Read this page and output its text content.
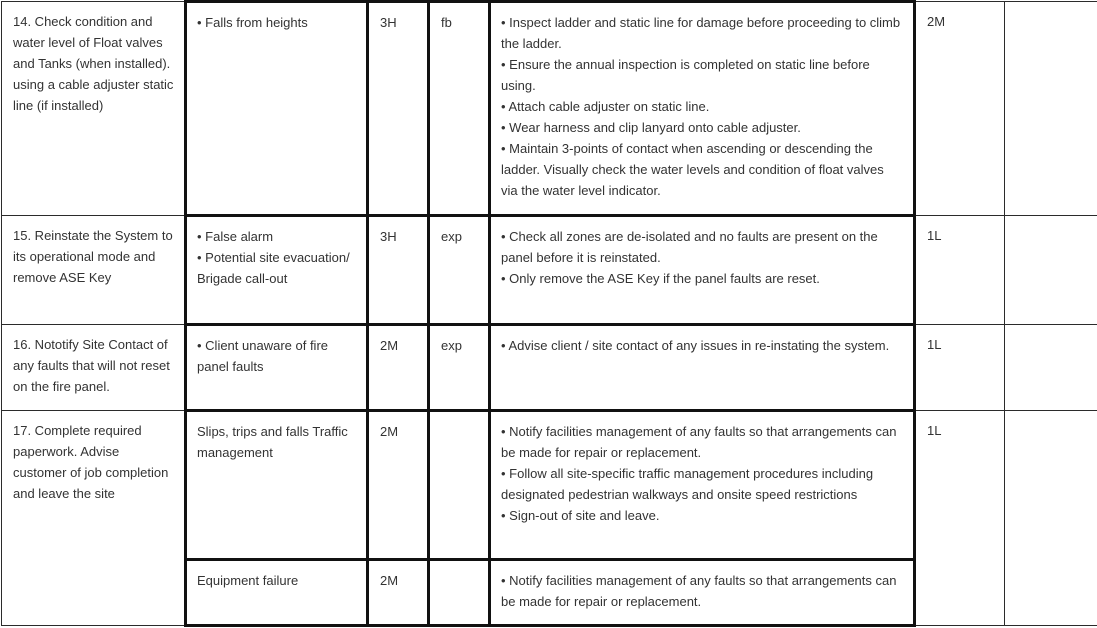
14. Check condition and water level of Float valves and Tanks (when installed). using a cable adjuster static line (if installed)	• Falls from heights	3H	fb	• Inspect ladder and static line for damage before proceeding to climb the ladder.
• Ensure the annual inspection is completed on static line before using.
• Attach cable adjuster on static line.
• Wear harness and clip lanyard onto cable adjuster.
• Maintain 3-points of contact when ascending or descending the ladder. Visually check the water levels and condition of float valves via the water level indicator.	2M	
15. Reinstate the System to its operational mode and remove ASE Key	• False alarm
• Potential site evacuation/ Brigade call-out	3H	exp	• Check all zones are de-isolated and no faults are present on the panel before it is reinstated.
• Only remove the ASE Key if the panel faults are reset.	1L	
16. Nototify Site Contact of any faults that will not reset on the fire panel.	• Client unaware of fire panel faults	2M	exp	• Advise client / site contact of any issues in re-instating the system.	1L	
17. Complete required paperwork. Advise customer of job completion and leave the site	Slips, trips and falls Traffic management	2M		• Notify facilities management of any faults so that arrangements can be made for repair or replacement.
• Follow all site-specific traffic management procedures including designated pedestrian walkways and onsite speed restrictions
• Sign-out of site and leave.	1L	

	Equipment failure	2M		• Notify facilities management of any faults so that arrangements can be made for repair or replacement.		
